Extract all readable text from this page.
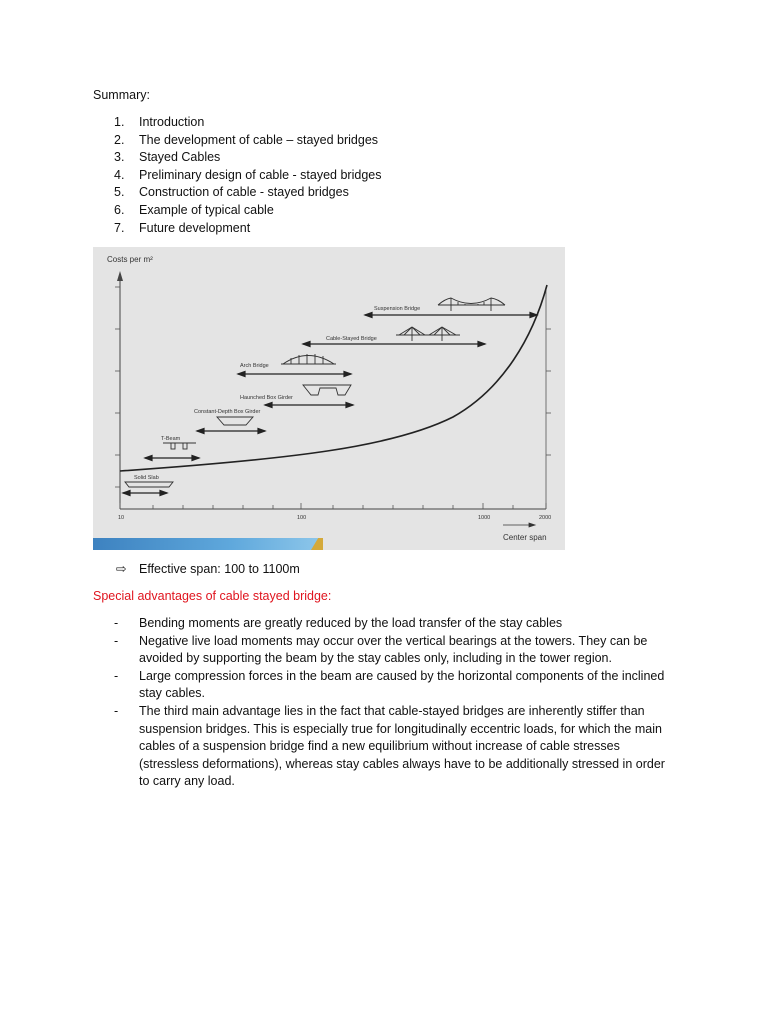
Summary:
1. Introduction
2. The development of cable – stayed bridges
3. Stayed Cables
4. Preliminary design of cable - stayed bridges
5. Construction of cable - stayed bridges
6. Example of typical cable
7. Future development
Suspension Bridge
Cable-Stayed Bridge
Arch Bridge
Haunched Box Girder
Constant-Depth Box Girder
T-Beam
Solid Slab
Costs per m²
10	100	1000	2000
Center span
⇨ Effective span: 100 to 1100m
Special advantages of cable stayed bridge:
- Bending moments are greatly reduced by the load transfer of the stay cables
- Negative live load moments may occur over the vertical bearings at the towers. They can be avoided by supporting the beam by the stay cables only, including in the tower region.
- Large compression forces in the beam are caused by the horizontal components of the inclined stay cables.
- The third main advantage lies in the fact that cable-stayed bridges are inherently stiffer than suspension bridges. This is especially true for longitudinally eccentric loads, for which the main cables of a suspension bridge find a new equilibrium without increase of cable stresses (stressless deformations), whereas stay cables always have to be additionally stressed in order to carry any load.
